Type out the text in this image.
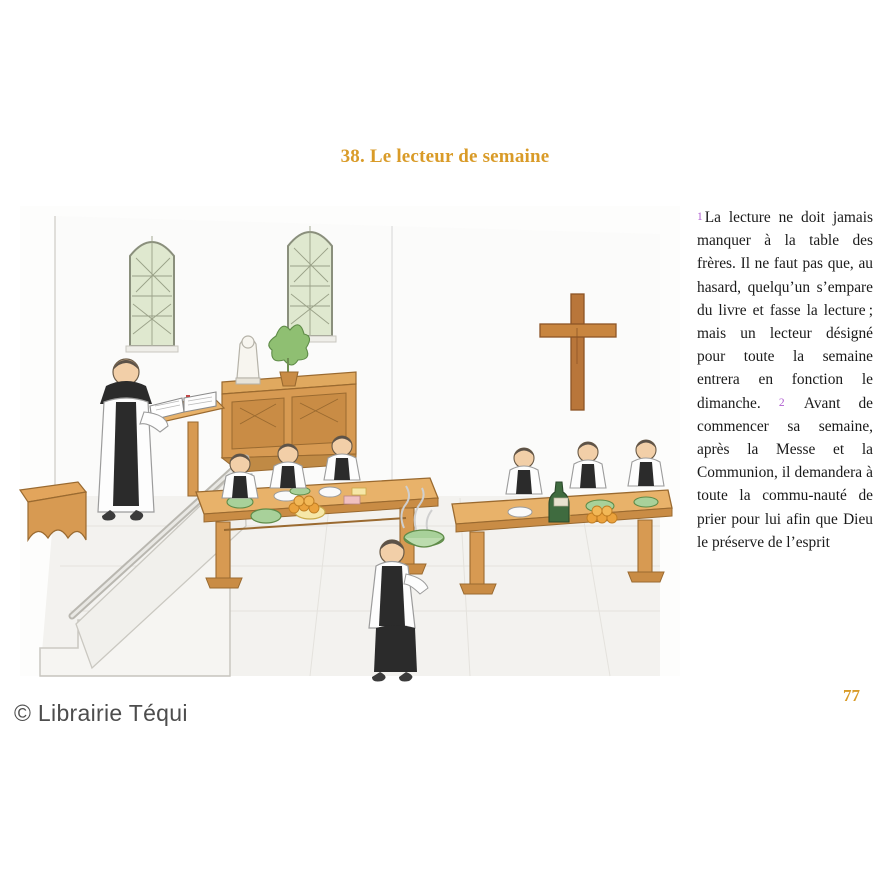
38. Le lecteur de semaine
1 La lecture ne doit jamais manquer à la table des frères. Il ne faut pas que, au hasard, quelqu’un s’empare du livre et fasse la lecture ; mais un lecteur désigné pour toute la semaine entrera en fonction le dimanche. 2 Avant de commencer sa semaine, après la Messe et la Communion, il demandera à toute la commu-nauté de prier pour lui afin que Dieu le préserve de l’esprit
77
© Librairie Téqui
